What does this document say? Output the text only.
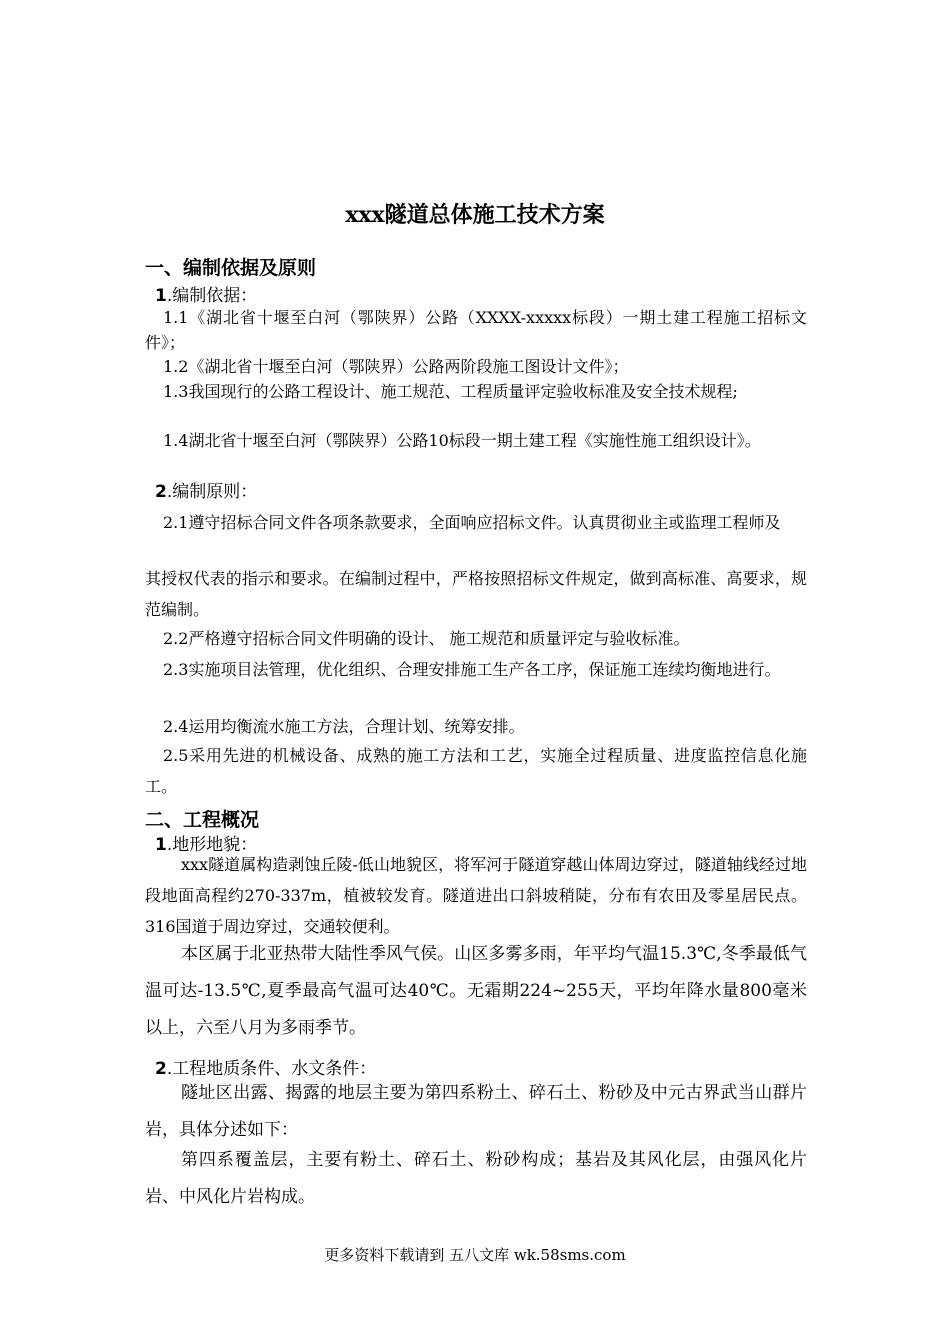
xxx隧道总体施工技术方案
一、编制依据及原则
1.编制依据：

1.1《湖北省十堰至白河（鄂陕界）公路（XXXX-xxxxx标段）一期土建工程施工招标文件》；

1.2《湖北省十堰至白河（鄂陕界）公路两阶段施工图设计文件》；

1.3我国现行的公路工程设计、施工规范、工程质量评定验收标准及安全技术规程;

1.4湖北省十堰至白河（鄂陕界）公路10标段一期土建工程《实施性施工组织设计》。

2.编制原则：

2.1遵守招标合同文件各项条款要求，全面响应招标文件。认真贯彻业主或监理工程师及

其授权代表的指示和要求。在编制过程中，严格按照招标文件规定，做到高标准、高要求，规范编制。

2.2严格遵守招标合同文件明确的设计、 施工规范和质量评定与验收标准。

2.3实施项目法管理，优化组织、合理安排施工生产各工序，保证施工连续均衡地进行。

2.4运用均衡流水施工方法，合理计划、统筹安排。

2.5采用先进的机械设备、成熟的施工方法和工艺，实施全过程质量、进度监控信息化施工。

二、工程概况
1.地形地貌：

xxx隧道属构造剥蚀丘陵-低山地貌区，将军河于隧道穿越山体周边穿过，隧道轴线经过地段地面高程约270-337m，植被较发育。隧道进出口斜坡稍陡，分布有农田及零星居民点。316国道于周边穿过，交通较便利。

本区属于北亚热带大陆性季风气侯。山区多雾多雨，年平均气温15.3℃,冬季最低气温可达-13.5℃,夏季最高气温可达40℃。无霜期224~255天，平均年降水量800毫米以上，六至八月为多雨季节。

2.工程地质条件、水文条件：

隧址区出露、揭露的地层主要为第四系粉土、碎石土、粉砂及中元古界武当山群片岩，具体分述如下：

第四系覆盖层，主要有粉土、碎石土、粉砂构成；基岩及其风化层，由强风化片岩、中风化片岩构成。

更多资料下载请到 五八文库 wk.58sms.com
